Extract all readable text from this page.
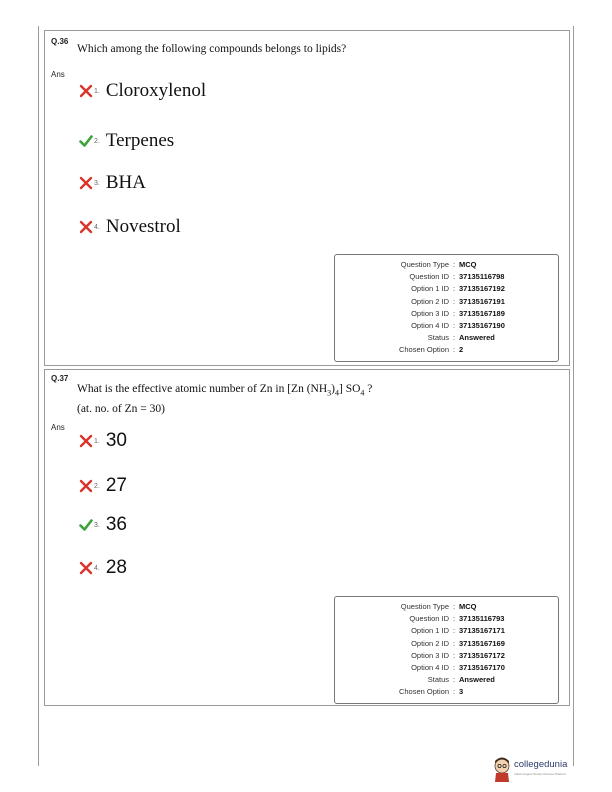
Q.36
Which among the following compounds belongs to lipids?
Ans
1. Cloroxylenol
2. Terpenes
3. BHA
4. Novestrol
Question Type : MCQ
Question ID : 37135116798
Option 1 ID : 37135167192
Option 2 ID : 37135167191
Option 3 ID : 37135167189
Option 4 ID : 37135167190
Status : Answered
Chosen Option : 2
Q.37
What is the effective atomic number of Zn in [Zn $(NH_3)_4$] $SO_4$ ?
(at. no. of Zn = 30)
Ans
1. 30
2. 27
3. 36
4. 28
Question Type : MCQ
Question ID : 37135116793
Option 1 ID : 37135167171
Option 2 ID : 37135167169
Option 3 ID : 37135167172
Option 4 ID : 37135167170
Status : Answered
Chosen Option : 3
collegedunia
India's largest Student Review Platform
